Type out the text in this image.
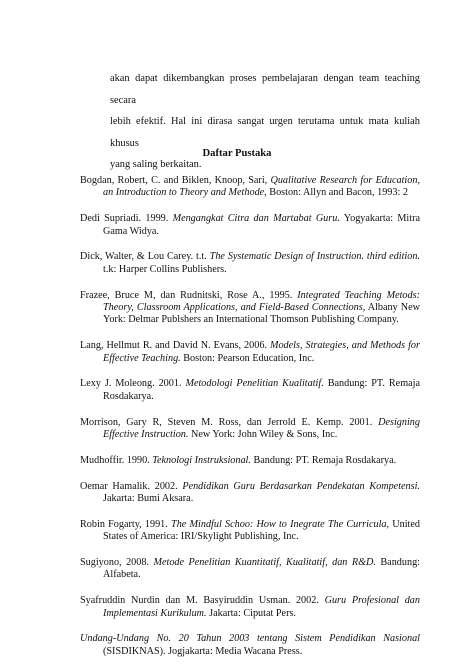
akan dapat dikembangkan proses pembelajaran dengan team teaching secara
lebih efektif. Hal ini dirasa sangat urgen terutama untuk mata kuliah khusus
yang saling berkaitan.
Daftar Pustaka
Bogdan, Robert, C. and Biklen, Knoop, Sari, Qualitative Research for Education, an Introduction to Theory and Methode, Boston: Allyn and Bacon, 1993: 2
Dedi Supriadi. 1999. Mengangkat Citra dan Martabat Guru. Yogyakarta: Mitra Gama Widya.
Dick, Walter, & Lou Carey. t.t. The Systematic Design of Instruction. third edition. t.k: Harper Collins Publishers.
Frazee, Bruce M, dan Rudnitski, Rose A., 1995. Integrated Teaching Metods: Theory, Classroom Applications, and Field-Based Connections, Albany New York: Delmar Publshers an International Thomson Publishing Company.
Lang, Hellmut R. and David N. Evans, 2006. Models, Strategies, and Methods for Effective Teaching. Boston: Pearson Education, Inc.
Lexy J. Moleong. 2001. Metodologi Penelitian Kualitatif. Bandung: PT. Remaja Rosdakarya.
Morrison, Gary R, Steven M. Ross, dan Jerrold E. Kemp. 2001. Designing Effective Instruction. New York: John Wiley & Sons, Inc.
Mudhoffir. 1990. Teknologi Instruksional. Bandung: PT. Remaja Rosdakarya.
Oemar Hamalik. 2002. Pendidikan Guru Berdasarkan Pendekatan Kompetensi. Jakarta: Bumi Aksara.
Robin Fogarty, 1991. The Mindful Schoo: How to Inegrate The Curricula, United States of America: IRI/Skylight Publishing, Inc.
Sugiyono, 2008. Metode Penelitian Kuantitatif, Kualitatif, dan R&D. Bandung: Alfabeta.
Syafruddin Nurdin dan M. Basyiruddin Usman. 2002. Guru Profesional dan Implementasi Kurikulum. Jakarta: Ciputat Pers.
Undang-Undang No. 20 Tahun 2003 tentang Sistem Pendidikan Nasional (SISDIKNAS). Jogjakarta: Media Wacana Press.
